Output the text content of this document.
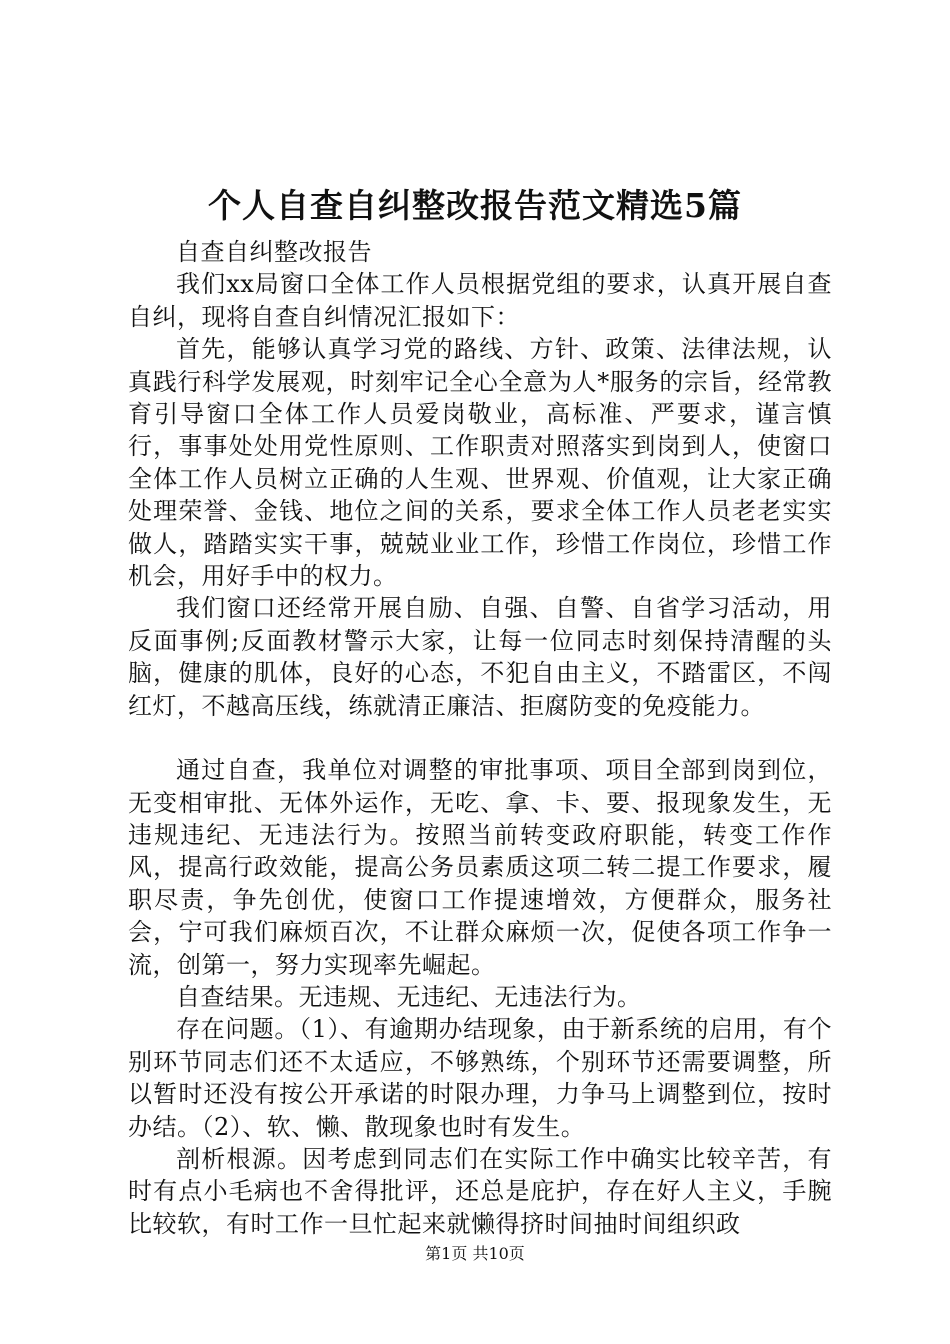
个人自查自纠整改报告范文精选5篇

自查自纠整改报告

我们xx局窗口全体工作人员根据党组的要求，认真开展自查自纠，现将自查自纠情况汇报如下：

首先，能够认真学习党的路线、方针、政策、法律法规，认真践行科学发展观，时刻牢记全心全意为人*服务的宗旨，经常教育引导窗口全体工作人员爱岗敬业，高标准、严要求，谨言慎行，事事处处用党性原则、工作职责对照落实到岗到人，使窗口全体工作人员树立正确的人生观、世界观、价值观，让大家正确处理荣誉、金钱、地位之间的关系，要求全体工作人员老老实实做人，踏踏实实干事，兢兢业业工作，珍惜工作岗位，珍惜工作机会，用好手中的权力。

我们窗口还经常开展自励、自强、自警、自省学习活动，用反面事例;反面教材警示大家，让每一位同志时刻保持清醒的头脑，健康的肌体，良好的心态，不犯自由主义，不踏雷区，不闯红灯，不越高压线，练就清正廉洁、拒腐防变的免疫能力。

通过自查，我单位对调整的审批事项、项目全部到岗到位，无变相审批、无体外运作，无吃、拿、卡、要、报现象发生，无违规违纪、无违法行为。按照当前转变政府职能，转变工作作风，提高行政效能，提高公务员素质这项二转二提工作要求，履职尽责，争先创优，使窗口工作提速增效，方便群众，服务社会，宁可我们麻烦百次，不让群众麻烦一次，促使各项工作争一流，创第一，努力实现率先崛起。

自查结果。无违规、无违纪、无违法行为。

存在问题。（1）、有逾期办结现象，由于新系统的启用，有个别环节同志们还不太适应，不够熟练，个别环节还需要调整，所以暂时还没有按公开承诺的时限办理，力争马上调整到位，按时办结。（2）、软、懒、散现象也时有发生。

剖析根源。因考虑到同志们在实际工作中确实比较辛苦，有时有点小毛病也不舍得批评，还总是庇护，存在好人主义，手腕比较软，有时工作一旦忙起来就懒得挤时间抽时间组织政

第1页 共10页
